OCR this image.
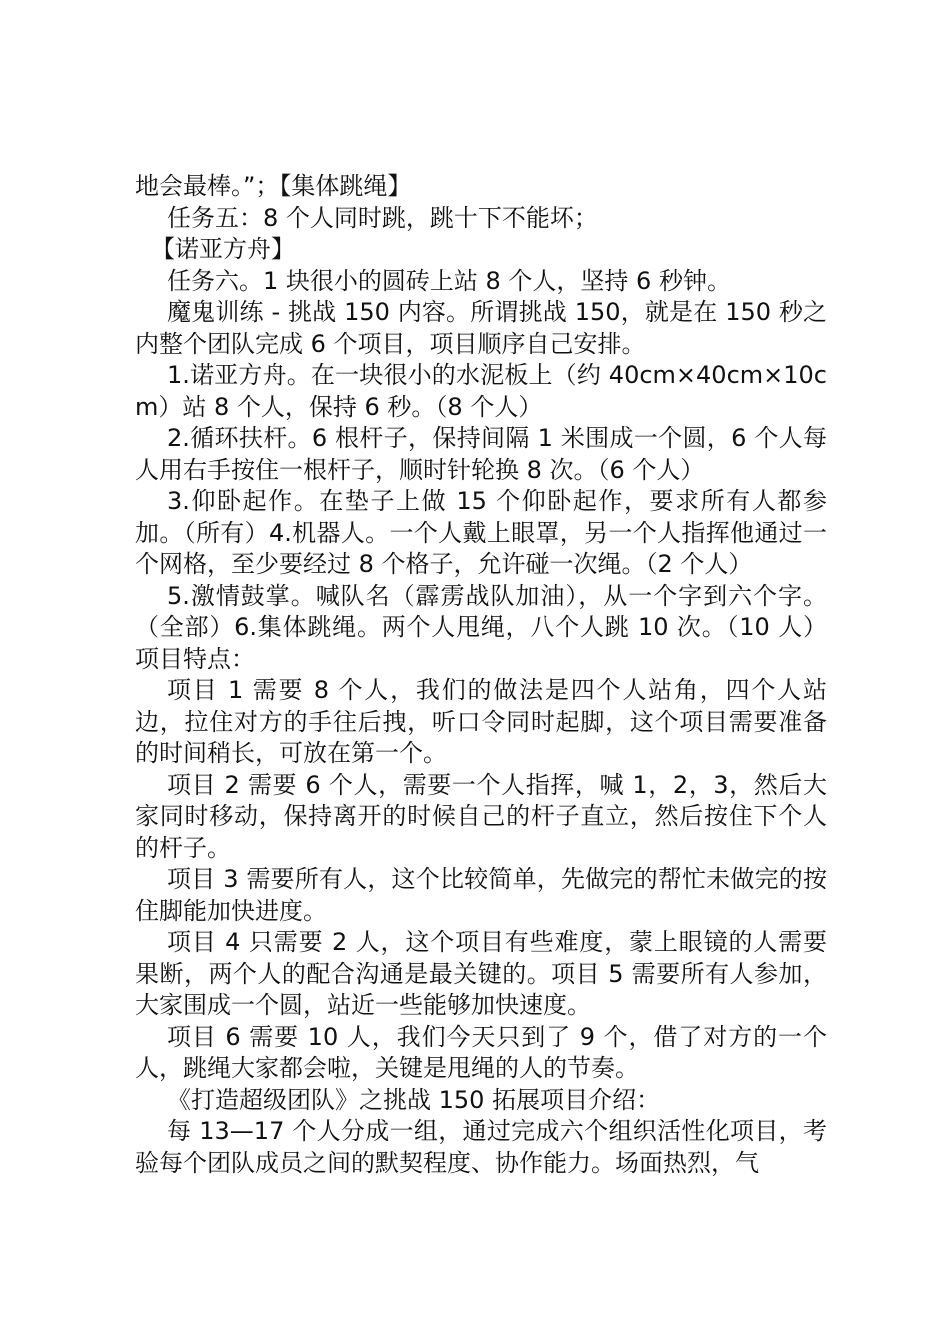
地会最棒。”；【集体跳绳】

任务五：8 个人同时跳，跳十下不能坏；

【诺亚方舟】

任务六。1 块很小的圆砖上站 8 个人，坚持 6 秒钟。

魔鬼训练 - 挑战 150 内容。所谓挑战 150，就是在 150 秒之内整个团队完成 6 个项目，项目顺序自己安排。

1.诺亚方舟。在一块很小的水泥板上（约 40cm×40cm×10cm）站 8 个人，保持 6 秒。（8 个人）

2.循环扶杆。6 根杆子，保持间隔 1 米围成一个圆，6 个人每人用右手按住一根杆子，顺时针轮换 8 次。（6 个人）

3.仰卧起作。在垫子上做 15 个仰卧起作，要求所有人都参加。（所有）4.机器人。一个人戴上眼罩，另一个人指挥他通过一个网格，至少要经过 8 个格子，允许碰一次绳。（2 个人）

5.激情鼓掌。喊队名（霹雳战队加油），从一个字到六个字。（全部）6.集体跳绳。两个人甩绳，八个人跳 10 次。（10 人）项目特点：

项目 1 需要 8 个人，我们的做法是四个人站角，四个人站边，拉住对方的手往后拽，听口令同时起脚，这个项目需要准备的时间稍长，可放在第一个。

项目 2 需要 6 个人，需要一个人指挥，喊 1，2，3，然后大家同时移动，保持离开的时候自己的杆子直立，然后按住下个人的杆子。

项目 3 需要所有人，这个比较简单，先做完的帮忙未做完的按住脚能加快进度。

项目 4 只需要 2 人，这个项目有些难度，蒙上眼镜的人需要果断，两个人的配合沟通是最关键的。项目 5 需要所有人参加，大家围成一个圆，站近一些能够加快速度。

项目 6 需要 10 人，我们今天只到了 9 个，借了对方的一个人，跳绳大家都会啦，关键是甩绳的人的节奏。

《打造超级团队》之挑战 150 拓展项目介绍：

每 13—17 个人分成一组，通过完成六个组织活性化项目，考验每个团队成员之间的默契程度、协作能力。场面热烈，气
